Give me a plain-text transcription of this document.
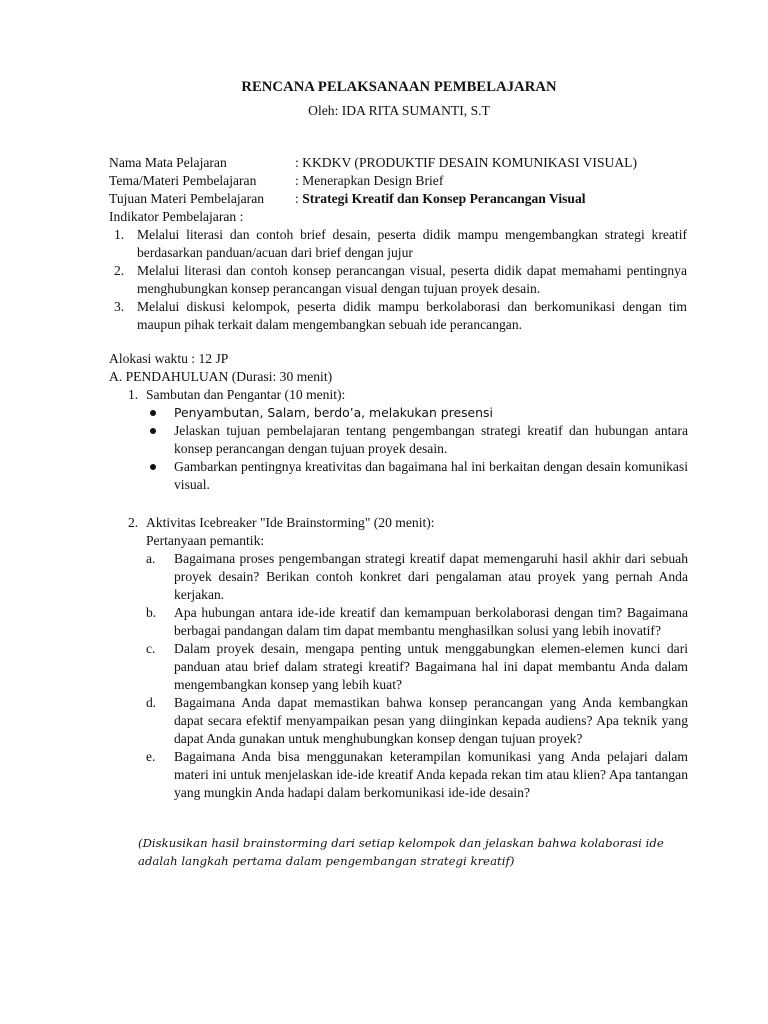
RENCANA PELAKSANAAN PEMBELAJARAN
Oleh: IDA RITA SUMANTI, S.T
Nama Mata Pelajaran	: KKDKV (PRODUKTIF DESAIN KOMUNIKASI VISUAL)
Tema/Materi Pembelajaran	: Menerapkan Design Brief
Tujuan Materi Pembelajaran : Strategi Kreatif dan Konsep Perancangan Visual
Indikator Pembelajaran :
1. Melalui literasi dan contoh brief desain, peserta didik mampu mengembangkan strategi kreatif berdasarkan panduan/acuan dari brief dengan jujur
2. Melalui literasi dan contoh konsep perancangan visual, peserta didik dapat memahami pentingnya menghubungkan konsep perancangan visual dengan tujuan proyek desain.
3. Melalui diskusi kelompok, peserta didik mampu berkolaborasi dan berkomunikasi dengan tim maupun pihak terkait dalam mengembangkan sebuah ide perancangan.
Alokasi waktu : 12 JP
A. PENDAHULUAN (Durasi: 30 menit)
1. Sambutan dan Pengantar (10 menit):
Penyambutan, Salam, berdo’a, melakukan presensi
Jelaskan tujuan pembelajaran tentang pengembangan strategi kreatif dan hubungan antara konsep perancangan dengan tujuan proyek desain.
Gambarkan pentingnya kreativitas dan bagaimana hal ini berkaitan dengan desain komunikasi visual.
2. Aktivitas Icebreaker "Ide Brainstorming" (20 menit):
Pertanyaan pemantik:
a. Bagaimana proses pengembangan strategi kreatif dapat memengaruhi hasil akhir dari sebuah proyek desain? Berikan contoh konkret dari pengalaman atau proyek yang pernah Anda kerjakan.
b. Apa hubungan antara ide-ide kreatif dan kemampuan berkolaborasi dengan tim? Bagaimana berbagai pandangan dalam tim dapat membantu menghasilkan solusi yang lebih inovatif?
c. Dalam proyek desain, mengapa penting untuk menggabungkan elemen-elemen kunci dari panduan atau brief dalam strategi kreatif? Bagaimana hal ini dapat membantu Anda dalam mengembangkan konsep yang lebih kuat?
d. Bagaimana Anda dapat memastikan bahwa konsep perancangan yang Anda kembangkan dapat secara efektif menyampaikan pesan yang diinginkan kepada audiens? Apa teknik yang dapat Anda gunakan untuk menghubungkan konsep dengan tujuan proyek?
e. Bagaimana Anda bisa menggunakan keterampilan komunikasi yang Anda pelajari dalam materi ini untuk menjelaskan ide-ide kreatif Anda kepada rekan tim atau klien? Apa tantangan yang mungkin Anda hadapi dalam berkomunikasi ide-ide desain?
(Diskusikan hasil brainstorming dari setiap kelompok dan jelaskan bahwa kolaborasi ide adalah langkah pertama dalam pengembangan strategi kreatif)
